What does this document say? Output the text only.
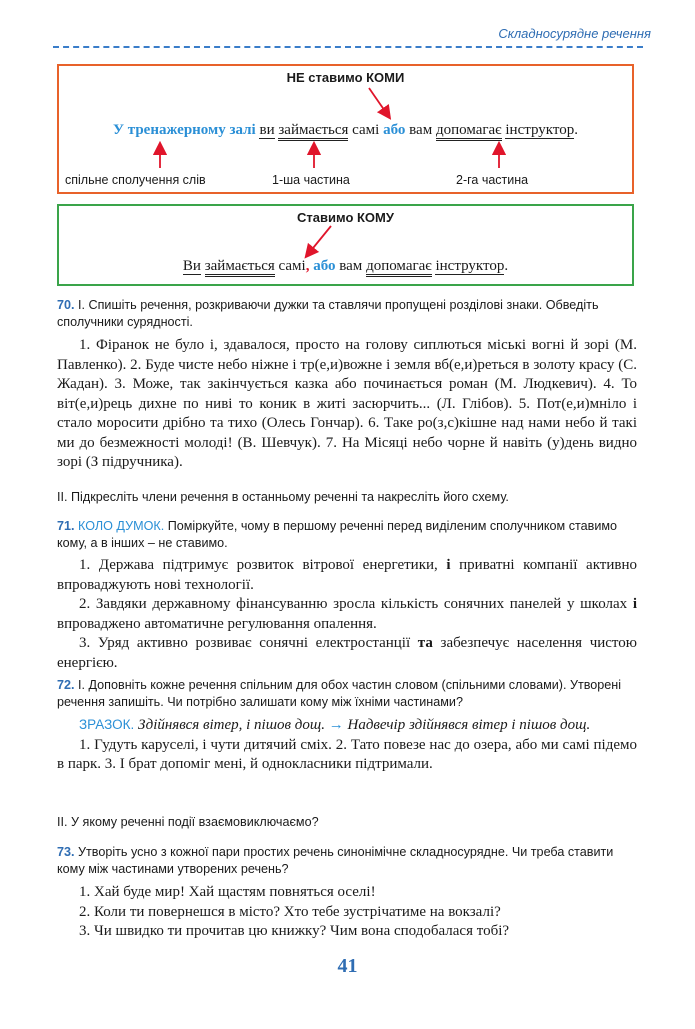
Складносурядне речення
НЕ ставимо КОМИ
У тренажерному залі ви займається самі або вам допомагає інструктор.
спільне сполучення слів	1-ша частина	2-га частина
Ставимо КОМУ
Ви займається самі, або вам допомагає інструктор.
70. І. Спишіть речення, розкриваючи дужки та ставлячи пропущені розділові знаки. Обведіть сполучники сурядності.

1. Фіранок не було і, здавалося, просто на голову сиплються міські вогні й зорі (М. Павленко). 2. Буде чисте небо ніжне і тр(е,и)вожне і земля вб(е,и)реться в золоту красу (С. Жадан). 3. Може, так закінчується казка або починається роман (М. Людкевич). 4. То віт(е,и)рець дихне по ниві то коник в житі засюрчить... (Л. Глібов). 5. Пот(е,и)мніло і стало моросити дрібно та тихо (Олесь Гончар). 6. Таке ро(з,с)кішне над нами небо й такі ми до безмежності молоді! (В. Шевчук). 7. На Місяці небо чорне й навіть (у)день видно зорі (З підручника).

ІІ. Підкресліть члени речення в останньому реченні та накресліть його схему.
71. КОЛО ДУМОК. Поміркуйте, чому в першому реченні перед виділеним сполучником ставимо кому, а в інших – не ставимо.

1. Держава підтримує розвиток вітрової енергетики, і приватні компанії активно впроваджують нові технології.

2. Завдяки державному фінансуванню зросла кількість сонячних панелей у школах і впроваджено автоматичне регулювання опалення.

3. Уряд активно розвиває сонячні електростанції та забезпечує населення чистою енергією.

72. І. Доповніть кожне речення спільним для обох частин словом (спільними словами). Утворені речення запишіть. Чи потрібно залишати кому між їхніми частинами?

ЗРАЗОК. Здійнявся вітер, і пішов дощ. → Надвечір здійнявся вітер і пішов дощ.

1. Гудуть каруселі, і чути дитячий сміх. 2. Тато повезе нас до озера, або ми самі підемо в парк. 3. І брат допоміг мені, й однокласники підтримали.

ІІ. У якому реченні події взаємовиключаємо?
73. Утворіть усно з кожної пари простих речень синонімічне складносурядне. Чи треба ставити кому між частинами утворених речень?

1. Хай буде мир! Хай щастям повняться оселі!

2. Коли ти повернешся в місто? Хто тебе зустрічатиме на вокзалі?

3. Чи швидко ти прочитав цю книжку? Чим вона сподобалася тобі?

41
